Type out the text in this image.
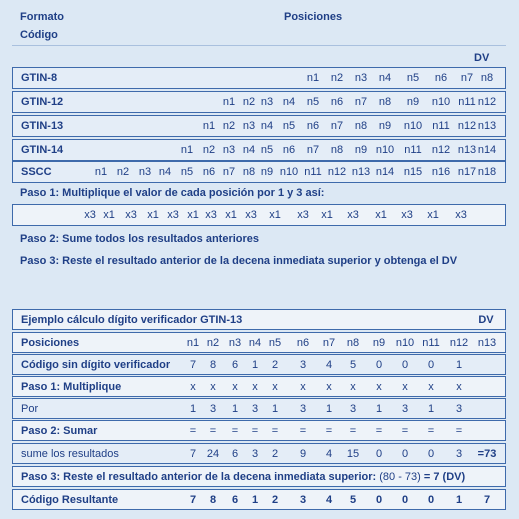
Formato
Código
Posiciones
DV
GTIN-8	n1 n2 n3 n4 n5 n6 n7 n8
GTIN-12	n1 n2 n3 n4 n5 n6 n7 n8 n9 n10 n11 n12
GTIN-13	n1 n2 n3 n4 n5 n6 n7 n8 n9 n10 n11 n12 n13
GTIN-14	n1 n2 n3 n4 n5 n6 n7 n8 n9 n10 n11 n12 n13 n14
SSCC	n1 n2 n3 n4 n5 n6 n7 n8 n9 n10 n11 n12 n13 n14 n15 n16 n17 n18
Paso 1: Multiplique el valor de cada posición por 1 y 3 así:
x3 x1 x3 x1 x3 x1 x3 x1 x3 x1 x3 x1 x3 x1 x3 x1 x3
Paso 2: Sume todos los resultados anteriores
Paso 3: Reste el resultado anterior de la decena inmediata superior y obtenga el DV
Ejemplo cálculo dígito verificador GTIN-13	DV
Posiciones	n1 n2 n3 n4 n5 n6 n7 n8 n9 n10 n11 n12 n13
Código sin dígito verificador 7 8 6 1 2 3 4 5 0 0 0 1
Paso 1: Multiplique	x x x x x x x x x x x x
Por	1 3 1 3 1 3 1 3 1 3 1 3
Paso 2: Sumar	= = = = = = = = = = = =
sume los resultados	7 24 6 3 2 9 4 15 0 0 0 3 =73
Paso 3: Reste el resultado anterior de la decena inmediata superior:
(80 - 73)
= 7 (DV)
Código Resultante	7 8 6 1 2 3 4 5 0 0 0 1 7
